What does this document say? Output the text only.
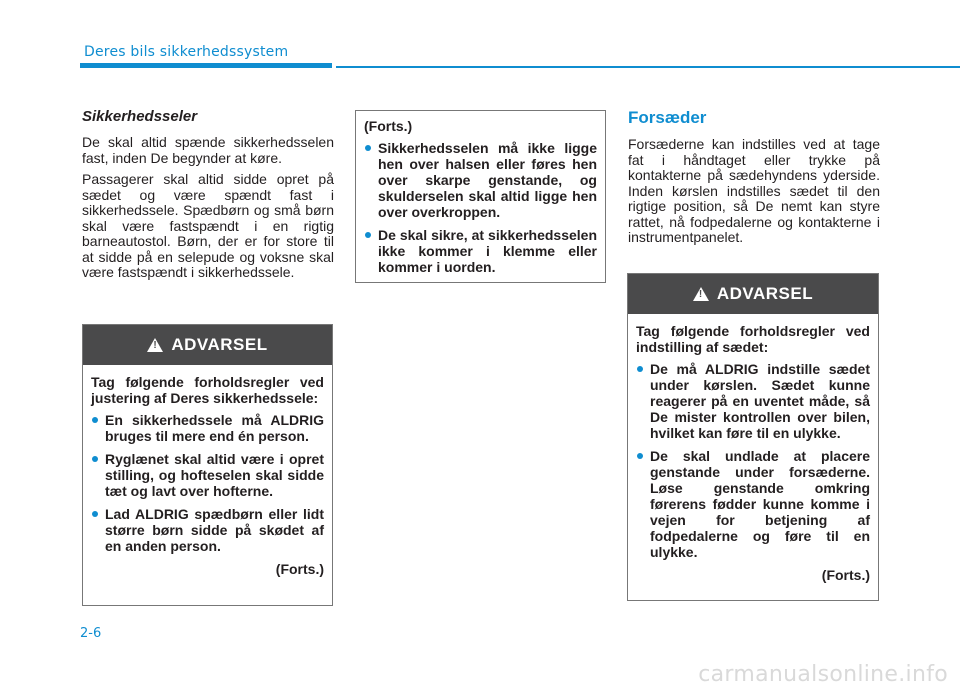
Deres bils sikkerhedssystem
Sikkerhedsseler

De skal altid spænde sikkerhedsselen fast, inden De begynder at køre.

Passagerer skal altid sidde opret på sædet og være spændt fast i sikkerhedssele. Spædbørn og små børn skal være fastspændt i en rigtig barneautostol. Børn, der er for store til at sidde på en selepude og voksne skal være fastspændt i sikkerhedssele.

!
ADVARSEL

Tag følgende forholdsregler ved justering af Deres sikkerhedssele:

En sikkerhedssele må ALDRIG bruges til mere end én person.
Ryglænet skal altid være i opret stilling, og hofteselen skal sidde tæt og lavt over hofterne.
Lad ALDRIG spædbørn eller lidt større børn sidde på skødet af en anden person.

(Forts.)

(Forts.)

Sikkerhedsselen må ikke ligge hen over halsen eller føres hen over skarpe genstande, og skulderselen skal altid ligge hen over overkroppen.
De skal sikre, at sikkerhedsselen ikke kommer i klemme eller kommer i uorden.
Forsæder

Forsæderne kan indstilles ved at tage fat i håndtaget eller trykke på kontakterne på sædehyndens yderside. Inden kørslen indstilles sædet til den rigtige position, så De nemt kan styre rattet, nå fodpedalerne og kontakterne i instrumentpanelet.

!
ADVARSEL

Tag følgende forholdsregler ved indstilling af sædet:

De må ALDRIG indstille sædet under kørslen. Sædet kunne reagerer på en uventet måde, så De mister kontrollen over bilen, hvilket kan føre til en ulykke.
De skal undlade at placere genstande under forsæderne. Løse genstande omkring førerens fødder kunne komme i vejen for betjening af fodpedalerne og føre til en ulykke.

(Forts.)

2-6
carmanualsonline.info
